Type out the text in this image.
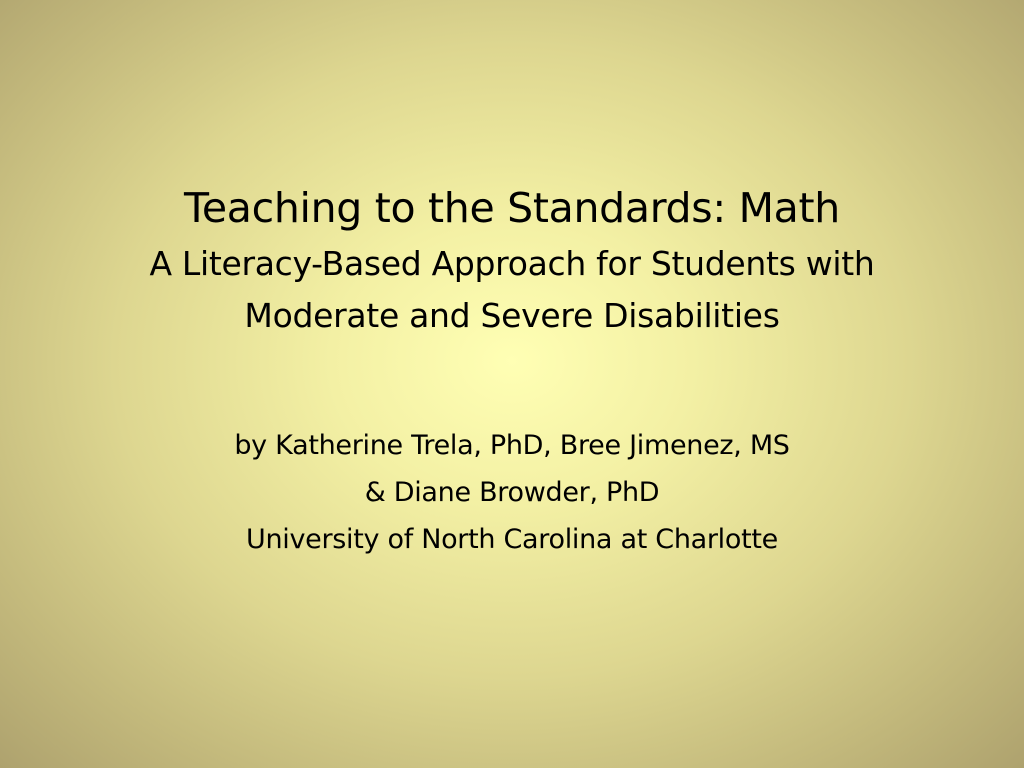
Teaching to the Standards: Math
A Literacy-Based Approach for Students with
Moderate and Severe Disabilities
by Katherine Trela, PhD, Bree Jimenez, MS
& Diane Browder, PhD
University of North Carolina at Charlotte
